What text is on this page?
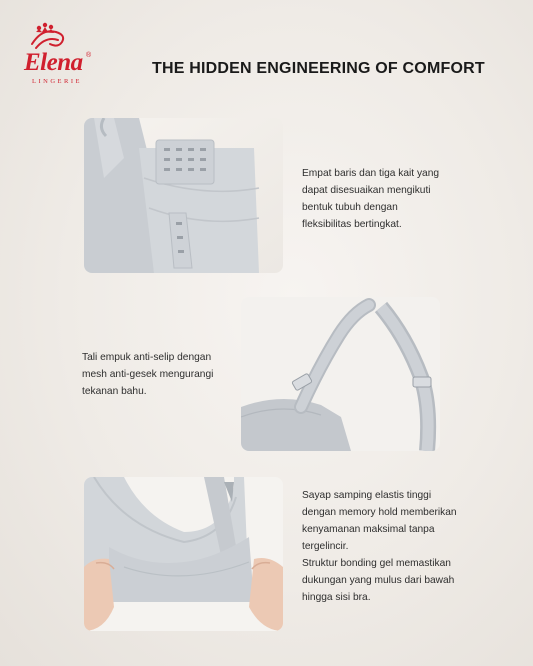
Elena ®
LINGERIE
THE HIDDEN ENGINEERING OF COMFORT
Empat baris dan tiga kait yang
dapat disesuaikan mengikuti
bentuk tubuh dengan
fleksibilitas bertingkat.
Tali empuk anti-selip dengan
mesh anti-gesek mengurangi
tekanan bahu.
Sayap samping elastis tinggi
dengan memory hold memberikan
kenyamanan maksimal tanpa
tergelincir.
Struktur bonding gel memastikan
dukungan yang mulus dari bawah
hingga sisi bra.
